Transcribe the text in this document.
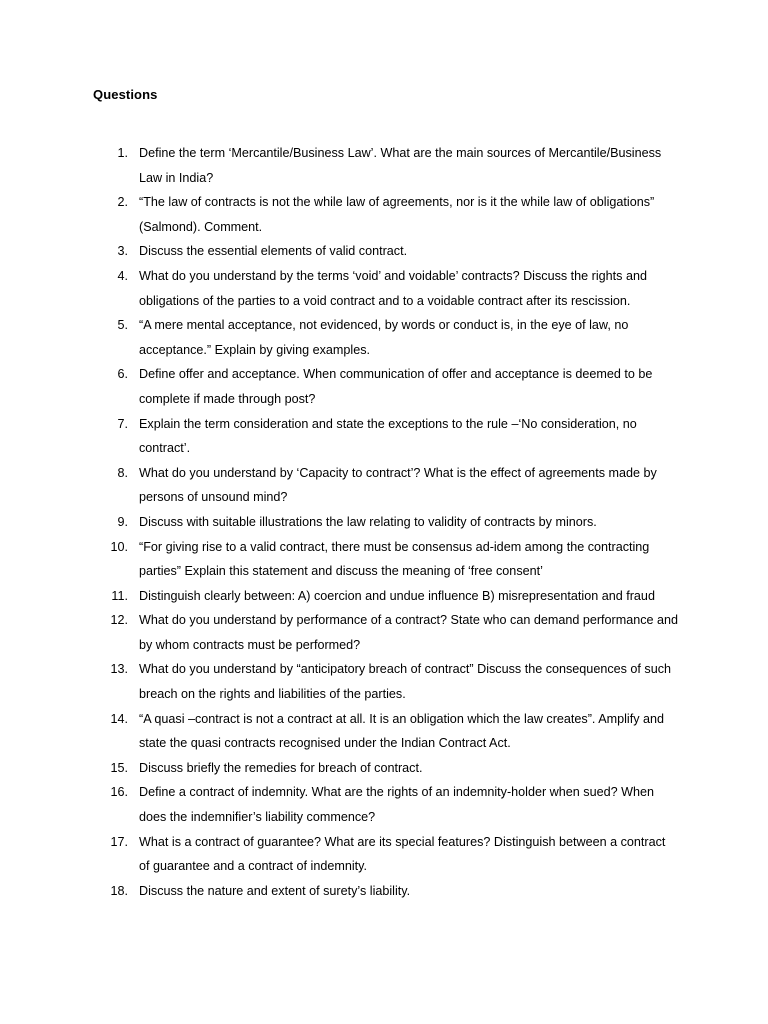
Questions
1. Define the term ‘Mercantile/Business Law’. What are the main sources of Mercantile/Business Law in India?
2. “The law of contracts is not the while law of agreements, nor is it the while law of obligations” (Salmond). Comment.
3. Discuss the essential elements of valid contract.
4. What do you understand by the terms ‘void’ and voidable’ contracts? Discuss the rights and obligations of the parties to a void contract and to a voidable contract after its rescission.
5. “A mere mental acceptance, not evidenced, by words or conduct is, in the eye of law, no acceptance.” Explain by giving examples.
6. Define offer and acceptance. When communication of offer and acceptance is deemed to be complete if made through post?
7. Explain the term consideration and state the exceptions to the rule –‘No consideration, no contract’.
8. What do you understand by ‘Capacity to contract’? What is the effect of agreements made by persons of unsound mind?
9. Discuss with suitable illustrations the law relating to validity of contracts by minors.
10. “For giving rise to a valid contract, there must be consensus ad-idem among the contracting parties” Explain this statement and discuss the meaning of ‘free consent’
11. Distinguish clearly between: A) coercion and undue influence B) misrepresentation and fraud
12. What do you understand by performance of a contract? State who can demand performance and by whom contracts must be performed?
13. What do you understand by “anticipatory breach of contract” Discuss the consequences of such breach on the rights and liabilities of the parties.
14. “A quasi –contract is not a contract at all. It is an obligation which the law creates”. Amplify and state the quasi contracts recognised under the Indian Contract Act.
15. Discuss briefly the remedies for breach of contract.
16. Define a contract of indemnity. What are the rights of an indemnity-holder when sued? When does the indemnifier’s liability commence?
17. What is a contract of guarantee? What are its special features? Distinguish between a contract of guarantee and a contract of indemnity.
18. Discuss the nature and extent of surety’s liability.
